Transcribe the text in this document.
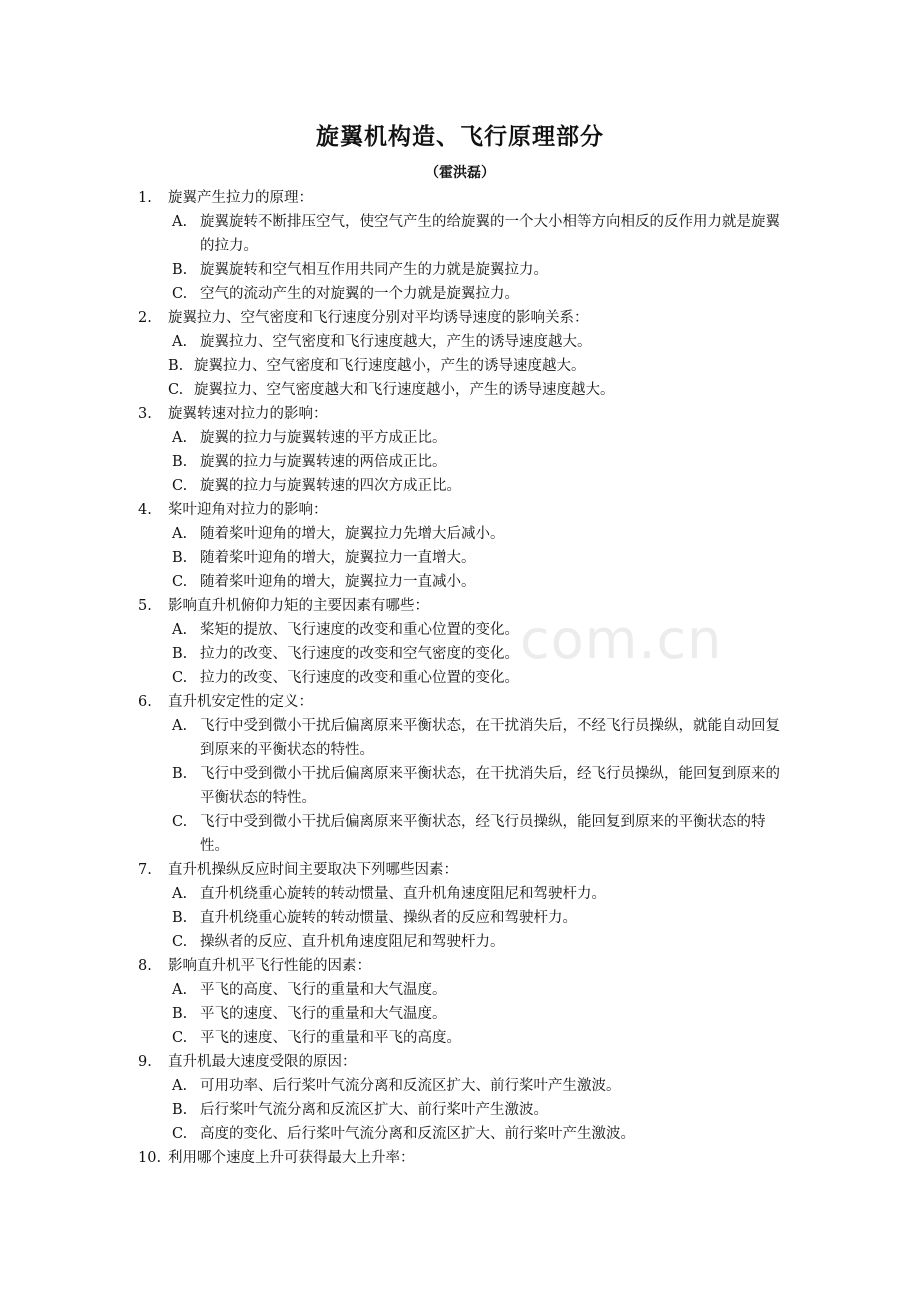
旋翼机构造、飞行原理部分
（霍洪磊）
com.cn
1. 旋翼产生拉力的原理：
A. 旋翼旋转不断排压空气，使空气产生的给旋翼的一个大小相等方向相反的反作用力就是旋翼的拉力。
B. 旋翼旋转和空气相互作用共同产生的力就是旋翼拉力。
C. 空气的流动产生的对旋翼的一个力就是旋翼拉力。
2. 旋翼拉力、空气密度和飞行速度分别对平均诱导速度的影响关系：
A. 旋翼拉力、空气密度和飞行速度越大，产生的诱导速度越大。
B. 旋翼拉力、空气密度和飞行速度越小，产生的诱导速度越大。
C. 旋翼拉力、空气密度越大和飞行速度越小，产生的诱导速度越大。
3. 旋翼转速对拉力的影响：
A. 旋翼的拉力与旋翼转速的平方成正比。
B. 旋翼的拉力与旋翼转速的两倍成正比。
C. 旋翼的拉力与旋翼转速的四次方成正比。
4. 桨叶迎角对拉力的影响：
A. 随着桨叶迎角的增大，旋翼拉力先增大后减小。
B. 随着桨叶迎角的增大，旋翼拉力一直增大。
C. 随着桨叶迎角的增大，旋翼拉力一直减小。
5. 影响直升机俯仰力矩的主要因素有哪些：
A. 桨矩的提放、飞行速度的改变和重心位置的变化。
B. 拉力的改变、飞行速度的改变和空气密度的变化。
C. 拉力的改变、飞行速度的改变和重心位置的变化。
6. 直升机安定性的定义：
A. 飞行中受到微小干扰后偏离原来平衡状态，在干扰消失后，不经飞行员操纵，就能自动回复到原来的平衡状态的特性。
B. 飞行中受到微小干扰后偏离原来平衡状态，在干扰消失后，经飞行员操纵，能回复到原来的平衡状态的特性。
C. 飞行中受到微小干扰后偏离原来平衡状态，经飞行员操纵，能回复到原来的平衡状态的特性。
7. 直升机操纵反应时间主要取决下列哪些因素：
A. 直升机绕重心旋转的转动惯量、直升机角速度阻尼和驾驶杆力。
B. 直升机绕重心旋转的转动惯量、操纵者的反应和驾驶杆力。
C. 操纵者的反应、直升机角速度阻尼和驾驶杆力。
8. 影响直升机平飞行性能的因素：
A. 平飞的高度、飞行的重量和大气温度。
B. 平飞的速度、飞行的重量和大气温度。
C. 平飞的速度、飞行的重量和平飞的高度。
9. 直升机最大速度受限的原因：
A. 可用功率、后行桨叶气流分离和反流区扩大、前行桨叶产生激波。
B. 后行桨叶气流分离和反流区扩大、前行桨叶产生激波。
C. 高度的变化、后行桨叶气流分离和反流区扩大、前行桨叶产生激波。
10. 利用哪个速度上升可获得最大上升率：
